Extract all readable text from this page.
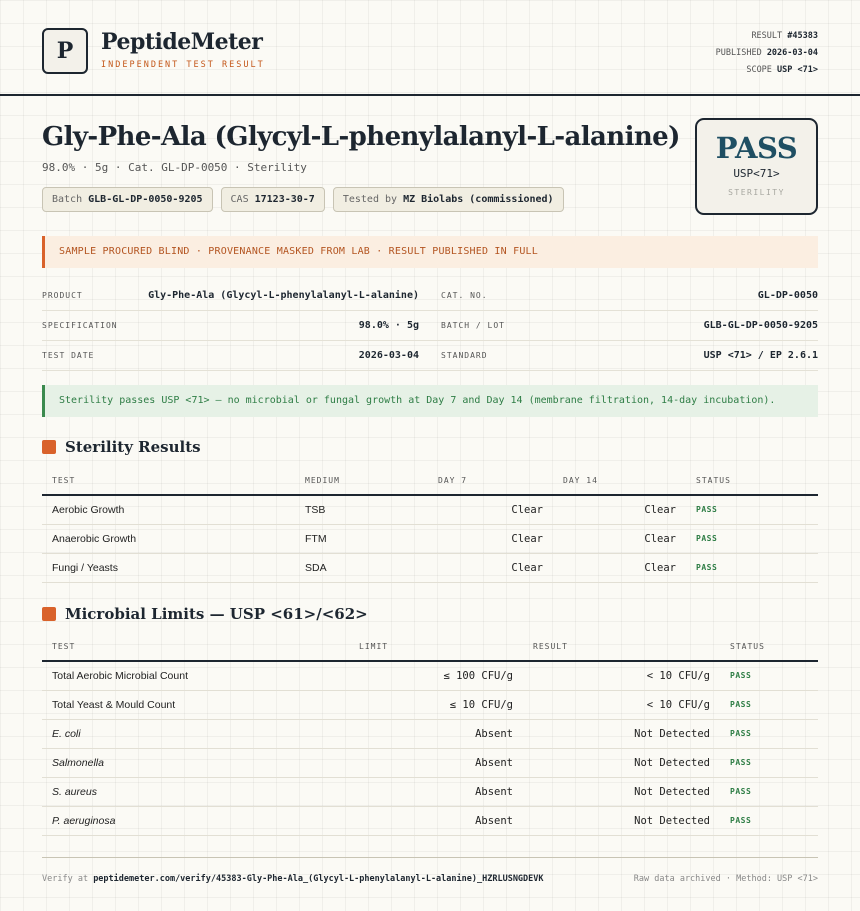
P	PeptideMeter
INDEPENDENT TEST RESULT
RESULT #45383
PUBLISHED 2026-03-04
SCOPE USP <71>
Gly-Phe-Ala (Glycyl-L-phenylalanyl-L-alanine)
98.0% · 5g · Cat. GL-DP-0050 · Sterility
Batch GLB-GL-DP-0050-9205	CAS 17123-30-7	Tested by MZ Biolabs (commissioned)
PASS
USP<71>
STERILITY
SAMPLE PROCURED BLIND · PROVENANCE MASKED FROM LAB · RESULT PUBLISHED IN FULL
PRODUCT	Gly-Phe-Ala (Glycyl-L-phenylalanyl-L-alanine)	CAT. NO.	GL-DP-0050
SPECIFICATION	98.0% · 5g	BATCH / LOT	GLB-GL-DP-0050-9205
TEST DATE	2026-03-04	STANDARD	USP <71> / EP 2.6.1
Sterility passes USP <71> — no microbial or fungal growth at Day 7 and Day 14 (membrane filtration, 14-day incubation).
Sterility Results
TEST	MEDIUM	DAY 7	DAY 14	STATUS
Aerobic Growth	TSB	Clear	Clear	PASS
Anaerobic Growth	FTM	Clear	Clear	PASS
Fungi / Yeasts	SDA	Clear	Clear	PASS
Microbial Limits — USP <61>/<62>
TEST	LIMIT	RESULT	STATUS
Total Aerobic Microbial Count	≤ 100 CFU/g	< 10 CFU/g	PASS
Total Yeast & Mould Count	≤ 10 CFU/g	< 10 CFU/g	PASS
E. coli	Absent	Not Detected	PASS
Salmonella	Absent	Not Detected	PASS
S. aureus	Absent	Not Detected	PASS
P. aeruginosa	Absent	Not Detected	PASS
Verify at peptidemeter.com/verify/45383-Gly-Phe-Ala_(Glycyl-L-phenylalanyl-L-alanine)_HZRLUSNGDEVK	Raw data archived · Method: USP <71>
